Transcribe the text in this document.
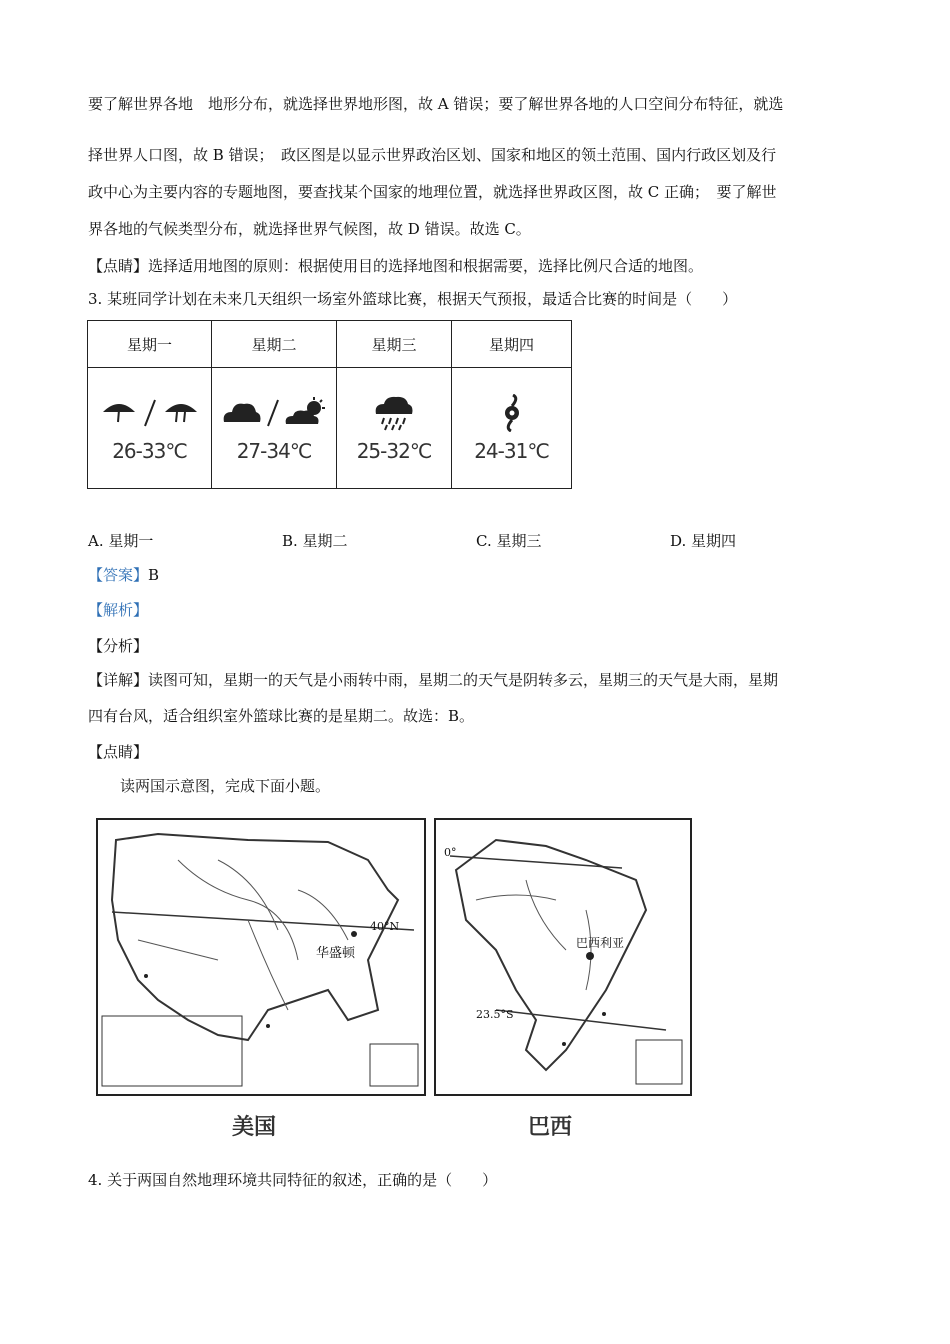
要了解世界各地　地形分布，就选择世界地形图，故 A 错误；要了解世界各地的人口空间分布特征，就选
择世界人口图，故 B 错误；　政区图是以显示世界政治区划、国家和地区的领土范围、国内行政区划及行
政中心为主要内容的专题地图，要查找某个国家的地理位置，就选择世界政区图，故 C 正确；　要了解世
界各地的气候类型分布，就选择世界气候图，故 D 错误。故选 C。
【点睛】选择适用地图的原则：根据使用目的选择地图和根据需要，选择比例尺合适的地图。
3. 某班同学计划在未来几天组织一场室外篮球比赛，根据天气预报，最适合比赛的时间是（　　）
星期一	星期二	星期三	星期四

26-33℃	27-34℃	25-32℃	24-31℃
A. 星期一	B. 星期二	C. 星期三	D. 星期四
【答案】B
【解析】
【分析】
【详解】读图可知，星期一的天气是小雨转中雨，星期二的天气是阴转多云，星期三的天气是大雨，星期
四有台风，适合组织室外篮球比赛的是星期二。故选：B。
【点睛】
读两国示意图，完成下面小题。
华盛顿
40°N
美国
巴西利亚
0°
23.5°S
巴西
4. 关于两国自然地理环境共同特征的叙述，正确的是（　　）
